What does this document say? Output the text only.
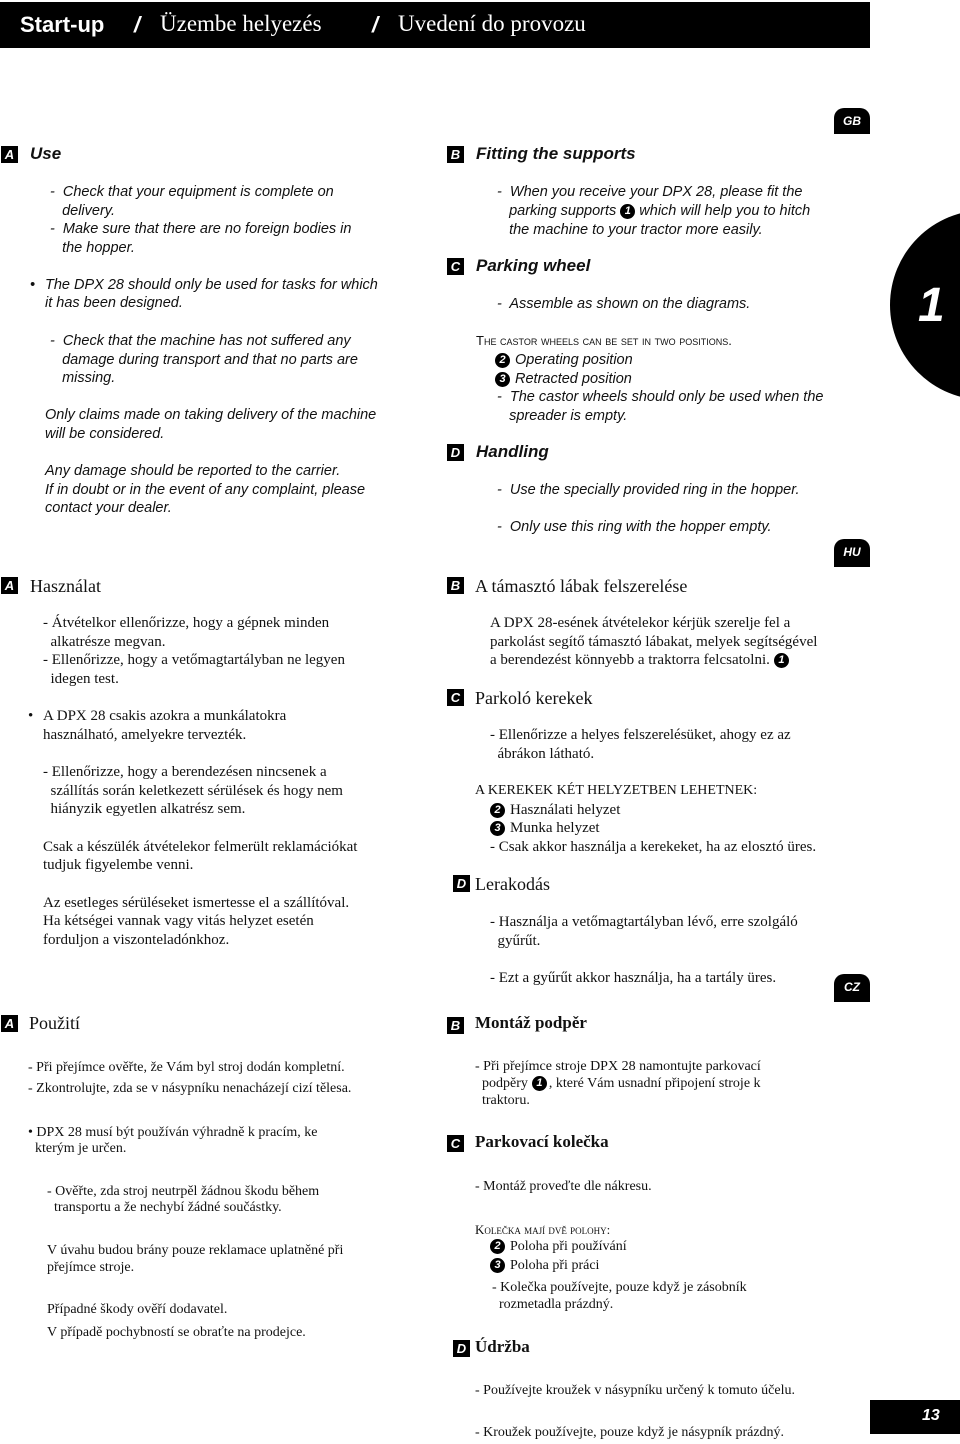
Start-up / Üzembe helyezés / Uvedení do provozu
GB
HU
CZ
1
13
A Use
-  Check that your equipment is complete on
delivery.
-  Make sure that there are no foreign bodies in
the hopper.
• The DPX 28 should only be used for tasks for which
it has been designed.
-  Check that the machine has not suffered any
damage during transport and that no parts are
missing.
Only claims made on taking delivery of the machine
will be considered.
Any damage should be reported to the carrier.
If in doubt or in the event of any complaint, please
contact your dealer.
B Fitting the supports
-  When you receive your DPX 28, please fit the
parking supports 1 which will help you to hitch
the machine to your tractor more easily.
C Parking wheel
-  Assemble as shown on the diagrams.
The castor wheels can be set in two positions.
2 Operating position
3 Retracted position
-  The castor wheels should only be used when the
spreader is empty.
D Handling
-  Use the specially provided ring in the hopper.
-  Only use this ring with the hopper empty.
A Használat
- Átvételkor ellenőrizze, hogy a gépnek minden
alkatrésze megvan.
- Ellenőrizze, hogy a vetőmagtartályban ne legyen
idegen test.
• A DPX 28 csakis azokra a munkálatokra
használható, amelyekre tervezték.
- Ellenőrizze, hogy a berendezésen nincsenek a
szállítás során keletkezett sérülések és hogy nem
hiányzik egyetlen alkatrész sem.
Csak a készülék átvételekor felmerült reklamációkat
tudjuk figyelembe venni.
Az esetleges sérüléseket ismertesse el a szállítóval.
Ha kétségei vannak vagy vitás helyzet esetén
forduljon a viszonteladónkhoz.
B A támasztó lábak felszerelése
A DPX 28-esének átvételekor kérjük szerelje fel a
parkolást segítő támasztó lábakat, melyek segítségével
a berendezést könnyebb a traktorra felcsatolni. 1
C Parkoló kerekek
- Ellenőrizze a helyes felszerelésüket, ahogy ez az
ábrákon látható.
A KEREKEK KÉT HELYZETBEN LEHETNEK:
2 Használati helyzet
3 Munka helyzet
- Csak akkor használja a kerekeket, ha az elosztó üres.
D Lerakodás
- Használja a vetőmagtartályban lévő, erre szolgáló
gyűrűt.
- Ezt a gyűrűt akkor használja, ha a tartály üres.
A Použití
- Při přejímce ověřte, že Vám byl stroj dodán kompletní.
- Zkontrolujte, zda se v násypníku nenacházejí cizí tělesa.
• DPX 28 musí být používán výhradně k pracím, ke
kterým je určen.
- Ověřte, zda stroj neutrpěl žádnou škodu během
transportu a že nechybí žádné součástky.
V úvahu budou brány pouze reklamace uplatněné při
přejímce stroje.
Případné škody ověří dodavatel.
V případě pochybností se obraťte na prodejce.
B Montáž podpěr
- Při přejímce stroje DPX 28 namontujte parkovací
podpěry 1 , které Vám usnadní připojení stroje k
traktoru.
C Parkovací kolečka
- Montáž proveďte dle nákresu.
Kolečka mají dvě polohy:
2 Poloha při používání
3 Poloha při práci
- Kolečka používejte, pouze když je zásobník
rozmetadla prázdný.
D Údržba
- Používejte kroužek v násypníku určený k tomuto účelu.
- Kroužek používejte, pouze když je násypník prázdný.
